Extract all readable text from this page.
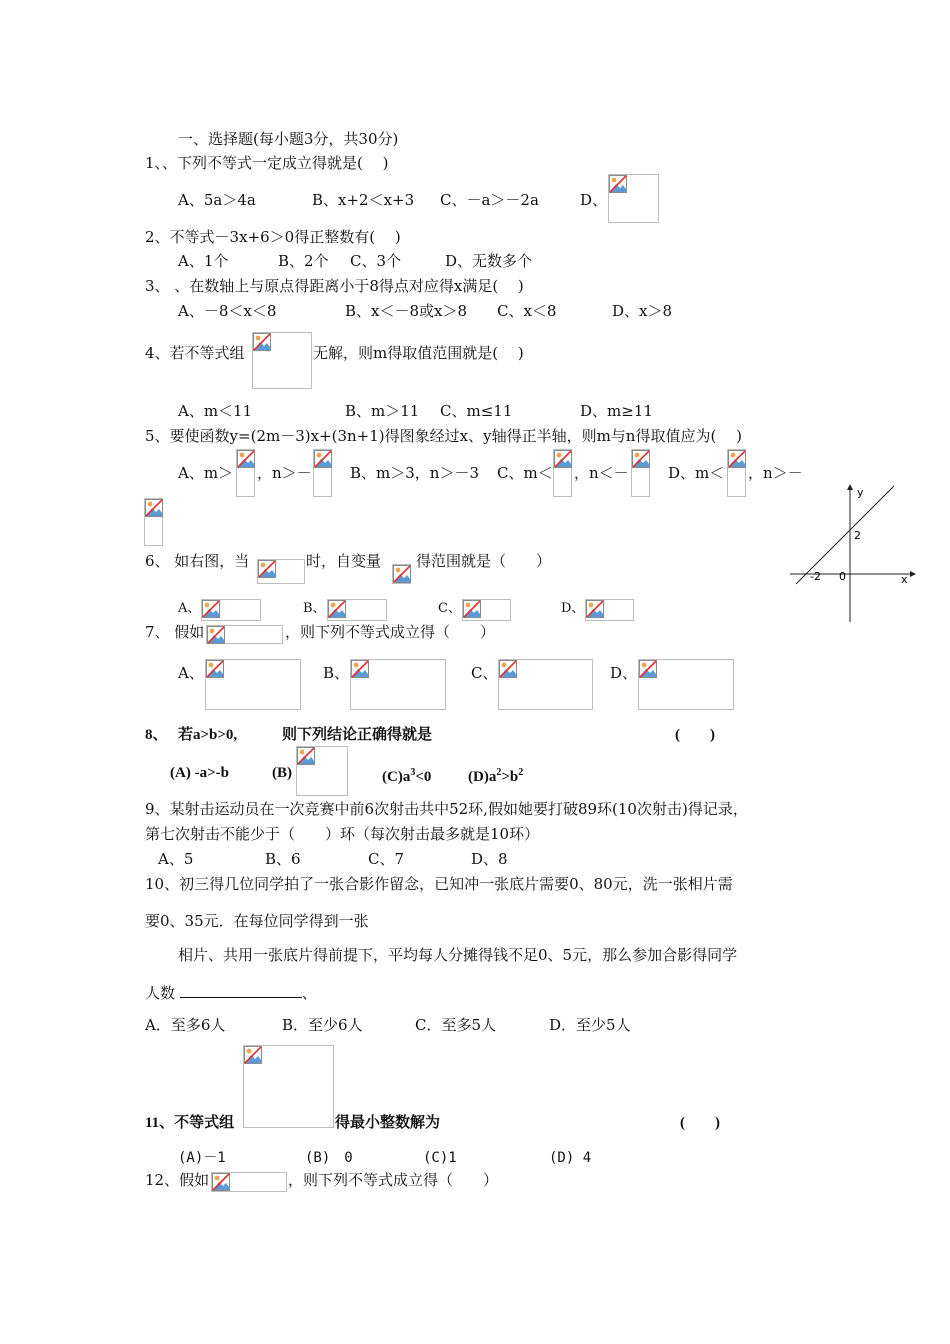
一、选择题(每小题3分，共30分)
1、、下列不等式一定成立得就是(　 )
A、5a＞4a	B、x+2＜x+3 C、－a＞－2a	D、
2、不等式－3x+6＞0得正整数有(　 )
A、1个	B、2个 C、3个	D、无数多个
3、 、在数轴上与原点得距离小于8得点对应得x满足(　 )
A、－8＜x＜8	B、x＜－8或x＞8 C、x＜8	D、x＞8
4、若不等式组	无解，则m得取值范围就是(　 )
A、m＜11	B、m＞11 C、m≤11	D、m≥11
5、要使函数y=(2m－3)x+(3n+1)得图象经过x、y轴得正半轴，则m与n得取值应为(　 )
A、m＞ ，n＞－	B、m＞3，n＞－3 C、m＜ ，n＜－	D、m＜ ，n＞－
6、 如右图，当	时，自变量 得范围就是（　　）
A、	B、	C、	D、
y
x
2
-2 0
7、 假如	，则下列不等式成立得（　　）
A、	B、	C、	D、
8、 若a>b>0,	则下列结论正确得就是	(　　)
(A) -a>-b	(B)	$(C)a^3<0$ $(D)a^2>b^2$
9、某射击运动员在一次竞赛中前6次射击共中52环,假如她要打破89环(10次射击)得记录，
第七次射击不能少于（　　）环（每次射击最多就是10环）
A、5	B、6	C、7	D、8
10、初三得几位同学拍了一张合影作留念，已知冲一张底片需要0、80元，洗一张相片需
要0、35元．在每位同学得到一张
相片、共用一张底片得前提下，平均每人分摊得钱不足0、5元，那么参加合影得同学
人数	、
A．至多6人	B．至少6人	C．至多5人	D．至少5人
11、不等式组	得最小整数解为	(　　)
(A)－1	(B)　0	(C)1	(D) 4
12、假如	，则下列不等式成立得（　　）
